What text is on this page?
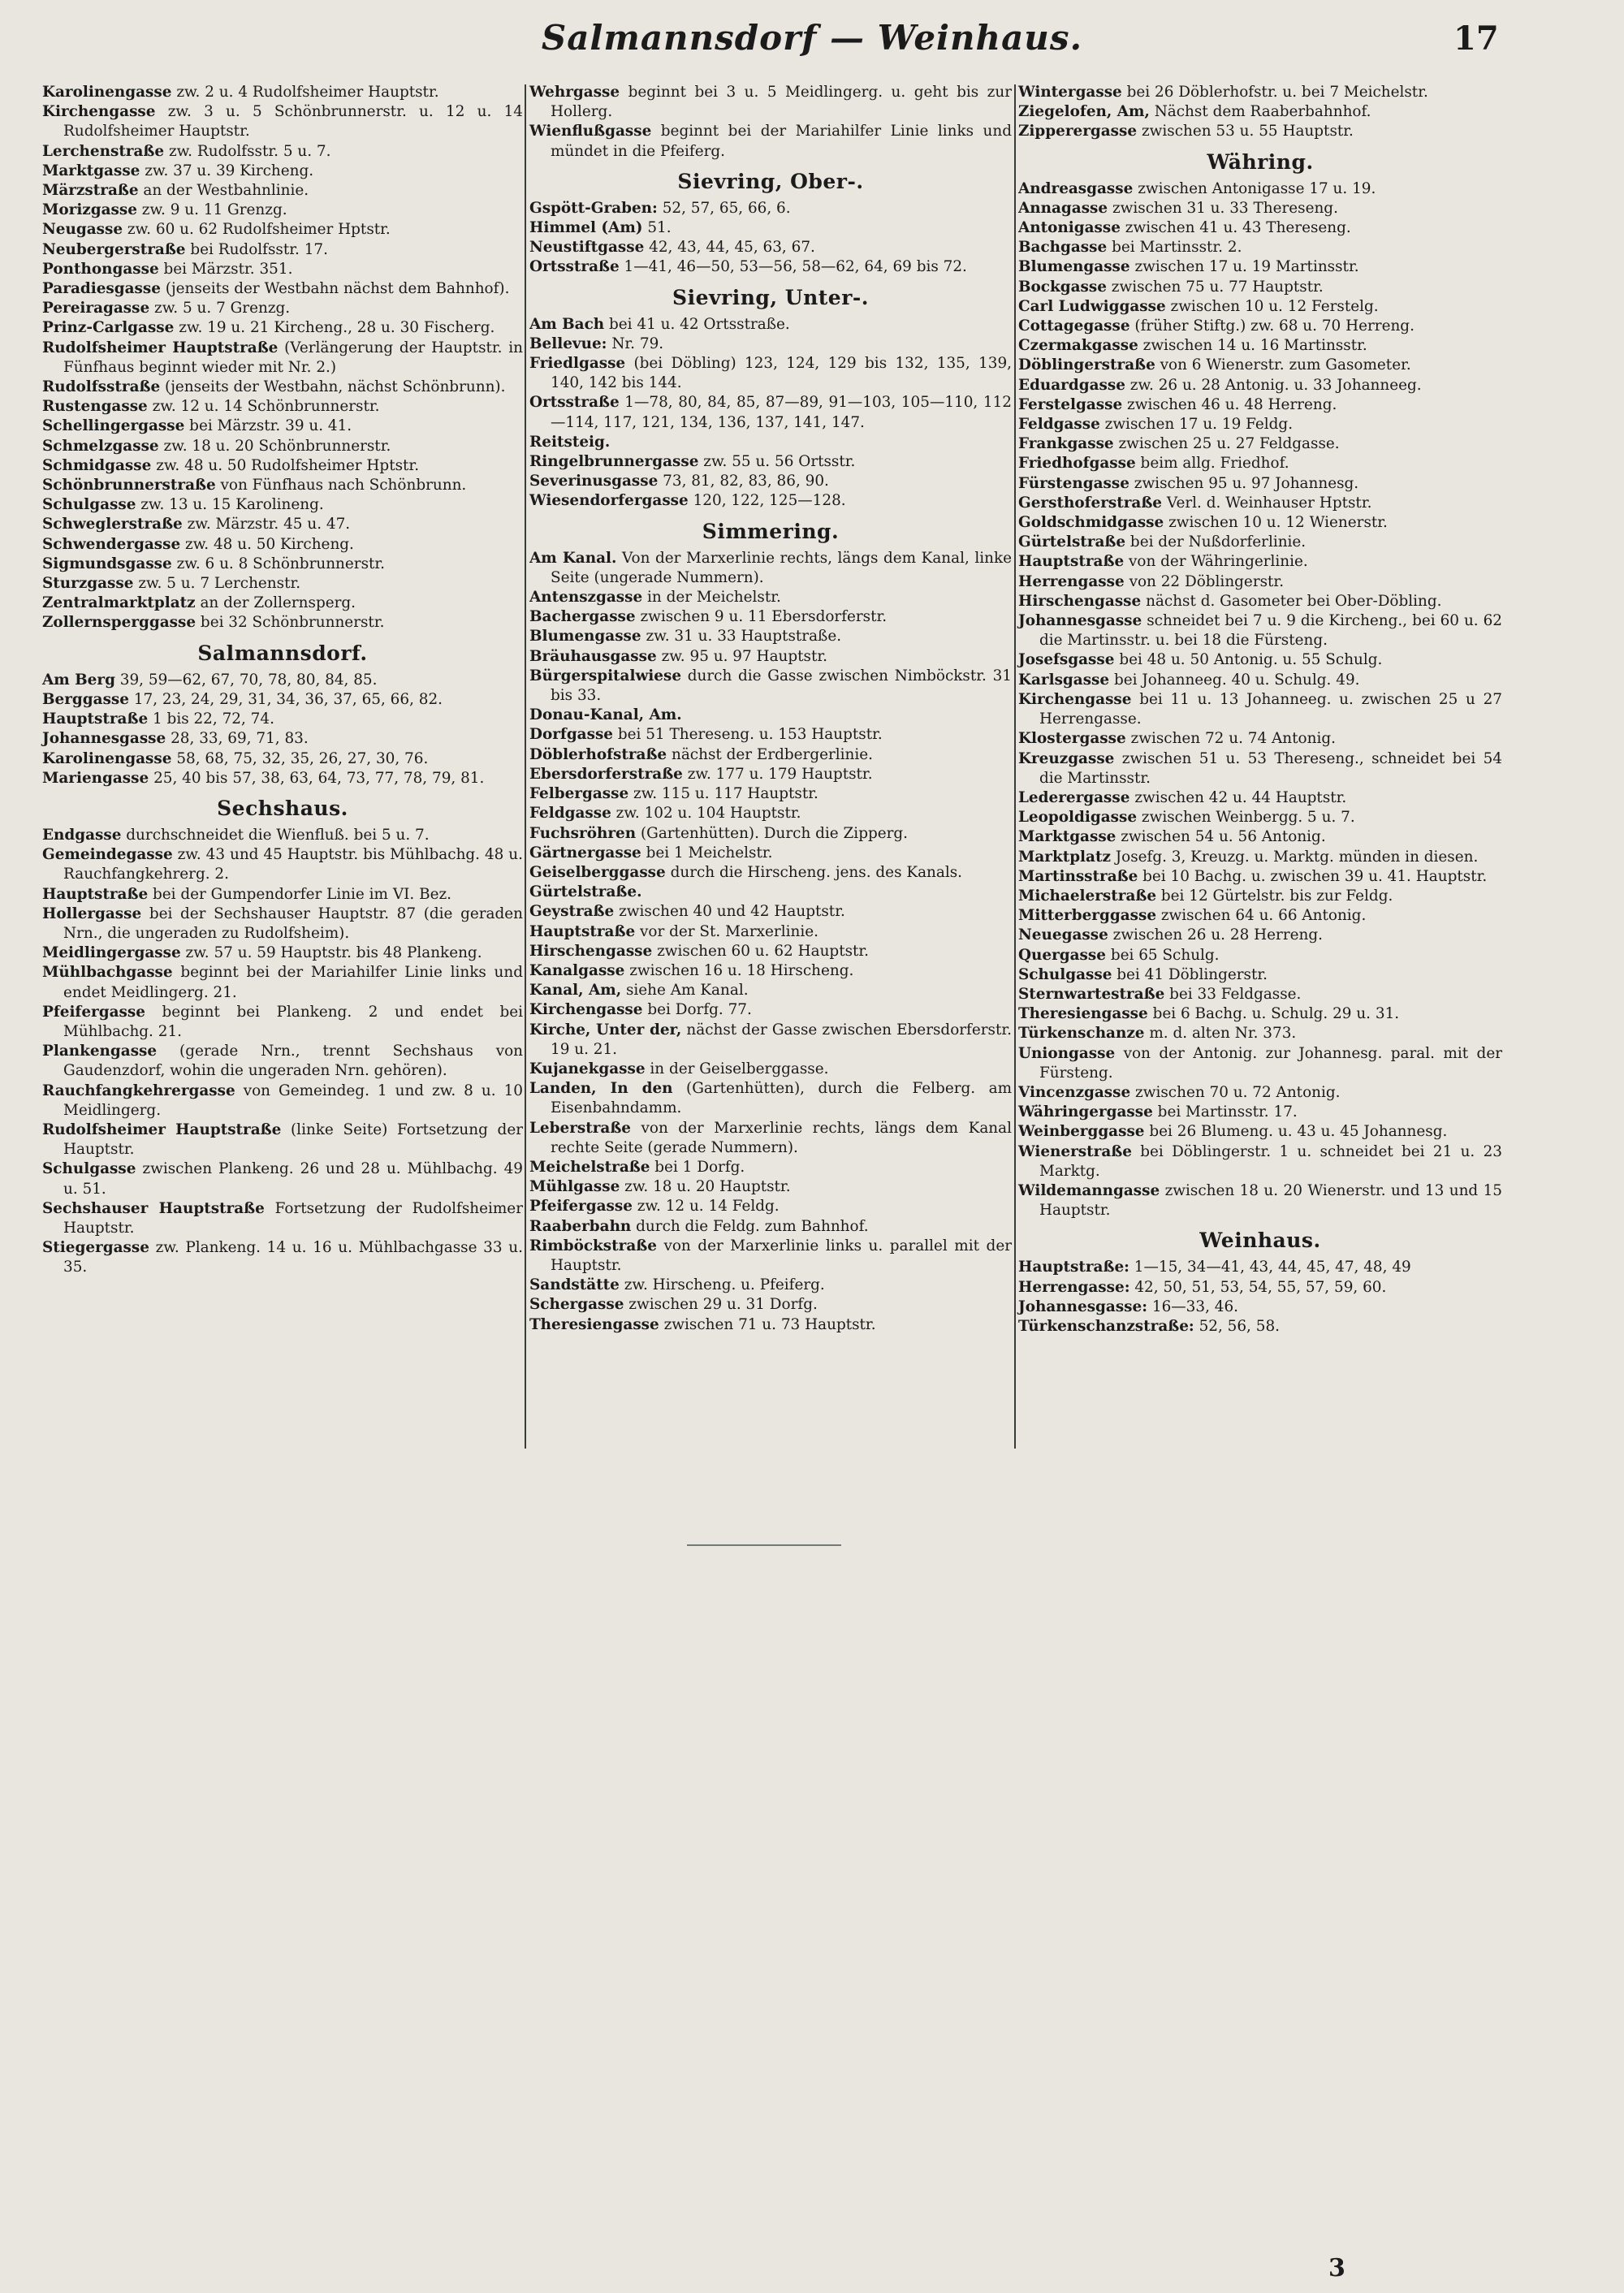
Salmannsdorf — Weinhaus.	17

Karolinengasse zw. 2 u. 4 Rudolfsheimer Hauptstr.

Kirchengasse zw. 3 u. 5 Schönbrunnerstr. u. 12 u. 14 Rudolfsheimer Hauptstr.

Lerchenstraße zw. Rudolfsstr. 5 u. 7.

Marktgasse zw. 37 u. 39 Kircheng.

Märzstraße an der Westbahnlinie.

Morizgasse zw. 9 u. 11 Grenzg.

Neugasse zw. 60 u. 62 Rudolfsheimer Hptstr.

Neubergerstraße bei Rudolfsstr. 17.

Ponthongasse bei Märzstr. 351.

Paradiesgasse (jenseits der Westbahn nächst dem Bahnhof).

Pereiragasse zw. 5 u. 7 Grenzg.

Prinz-Carlgasse zw. 19 u. 21 Kircheng., 28 u. 30 Fischerg.

Rudolfsheimer Hauptstraße (Verlängerung der Hauptstr. in Fünfhaus beginnt wieder mit Nr. 2.)

Rudolfsstraße (jenseits der Westbahn, nächst Schönbrunn).

Rustengasse zw. 12 u. 14 Schönbrunnerstr.

Schellingergasse bei Märzstr. 39 u. 41.

Schmelzgasse zw. 18 u. 20 Schönbrunnerstr.

Schmidgasse zw. 48 u. 50 Rudolfsheimer Hptstr.

Schönbrunnerstraße von Fünfhaus nach Schönbrunn.

Schulgasse zw. 13 u. 15 Karolineng.

Schweglerstraße zw. Märzstr. 45 u. 47.

Schwendergasse zw. 48 u. 50 Kircheng.

Sigmundsgasse zw. 6 u. 8 Schönbrunnerstr.

Sturzgasse zw. 5 u. 7 Lerchenstr.

Zentralmarktplatz an der Zollernsperg.

Zollernsperggasse bei 32 Schönbrunnerstr.

Salmannsdorf.

Am Berg 39, 59—62, 67, 70, 78, 80, 84, 85.

Berggasse 17, 23, 24, 29, 31, 34, 36, 37, 65, 66, 82.

Hauptstraße 1 bis 22, 72, 74.

Johannesgasse 28, 33, 69, 71, 83.

Karolinengasse 58, 68, 75, 32, 35, 26, 27, 30, 76.

Mariengasse 25, 40 bis 57, 38, 63, 64, 73, 77, 78, 79, 81.

Sechshaus.

Endgasse durchschneidet die Wienfluß. bei 5 u. 7.

Gemeindegasse zw. 43 und 45 Hauptstr. bis Mühlbachg. 48 u. Rauchfangkehrerg. 2.

Hauptstraße bei der Gumpendorfer Linie im VI. Bez.

Hollergasse bei der Sechshauser Hauptstr. 87 (die geraden Nrn., die ungeraden zu Rudolfsheim).

Meidlingergasse zw. 57 u. 59 Hauptstr. bis 48 Plankeng.

Mühlbachgasse beginnt bei der Mariahilfer Linie links und endet Meidlingerg. 21.

Pfeifergasse beginnt bei Plankeng. 2 und endet bei Mühlbachg. 21.

Plankengasse (gerade Nrn., trennt Sechshaus von Gaudenzdorf, wohin die ungeraden Nrn. gehören).

Rauchfangkehrergasse von Gemeindeg. 1 und zw. 8 u. 10 Meidlingerg.

Rudolfsheimer Hauptstraße (linke Seite) Fortsetzung der Hauptstr.

Schulgasse zwischen Plankeng. 26 und 28 u. Mühlbachg. 49 u. 51.

Sechshauser Hauptstraße Fortsetzung der Rudolfsheimer Hauptstr.

Stiegergasse zw. Plankeng. 14 u. 16 u. Mühlbachgasse 33 u. 35.

Wehrgasse beginnt bei 3 u. 5 Meidlingerg. u. geht bis zur Hollerg.

Wienflußgasse beginnt bei der Mariahilfer Linie links und mündet in die Pfeiferg.

Sievring, Ober-.

Gspött-Graben: 52, 57, 65, 66, 6.

Himmel (Am) 51.

Neustiftgasse 42, 43, 44, 45, 63, 67.

Ortsstraße 1—41, 46—50, 53—56, 58—62, 64, 69 bis 72.

Sievring, Unter-.

Am Bach bei 41 u. 42 Ortsstraße.

Bellevue: Nr. 79.

Friedlgasse (bei Döbling) 123, 124, 129 bis 132, 135, 139, 140, 142 bis 144.

Ortsstraße 1—78, 80, 84, 85, 87—89, 91—103, 105—110, 112—114, 117, 121, 134, 136, 137, 141, 147.

Reitsteig.

Ringelbrunnergasse zw. 55 u. 56 Ortsstr.

Severinusgasse 73, 81, 82, 83, 86, 90.

Wiesendorfergasse 120, 122, 125—128.

Simmering.

Am Kanal. Von der Marxerlinie rechts, längs dem Kanal, linke Seite (ungerade Nummern).

Antenszgasse in der Meichelstr.

Bachergasse zwischen 9 u. 11 Ebersdorferstr.

Blumengasse zw. 31 u. 33 Hauptstraße.

Bräuhausgasse zw. 95 u. 97 Hauptstr.

Bürgerspitalwiese durch die Gasse zwischen Nimböckstr. 31 bis 33.

Donau-Kanal, Am.

Dorfgasse bei 51 Thereseng. u. 153 Hauptstr.

Döblerhofstraße nächst der Erdbergerlinie.

Ebersdorferstraße zw. 177 u. 179 Hauptstr.

Felbergasse zw. 115 u. 117 Hauptstr.

Feldgasse zw. 102 u. 104 Hauptstr.

Fuchsröhren (Gartenhütten). Durch die Zipperg.

Gärtnergasse bei 1 Meichelstr.

Geiselberggasse durch die Hirscheng. jens. des Kanals.

Gürtelstraße.

Geystraße zwischen 40 und 42 Hauptstr.

Hauptstraße vor der St. Marxerlinie.

Hirschengasse zwischen 60 u. 62 Hauptstr.

Kanalgasse zwischen 16 u. 18 Hirscheng.

Kanal, Am, siehe Am Kanal.

Kirchengasse bei Dorfg. 77.

Kirche, Unter der, nächst der Gasse zwischen Ebersdorferstr. 19 u. 21.

Kujanekgasse in der Geiselberggasse.

Landen, In den (Gartenhütten), durch die Felberg. am Eisenbahndamm.

Leberstraße von der Marxerlinie rechts, längs dem Kanal rechte Seite (gerade Nummern).

Meichelstraße bei 1 Dorfg.

Mühlgasse zw. 18 u. 20 Hauptstr.

Pfeifergasse zw. 12 u. 14 Feldg.

Raaberbahn durch die Feldg. zum Bahnhof.

Rimböckstraße von der Marxerlinie links u. parallel mit der Hauptstr.

Sandstätte zw. Hirscheng. u. Pfeiferg.

Schergasse zwischen 29 u. 31 Dorfg.

Theresiengasse zwischen 71 u. 73 Hauptstr.

Wintergasse bei 26 Döblerhofstr. u. bei 7 Meichelstr.

Ziegelofen, Am, Nächst dem Raaberbahnhof.

Zipperergasse zwischen 53 u. 55 Hauptstr.

Währing.

Andreasgasse zwischen Antonigasse 17 u. 19.

Annagasse zwischen 31 u. 33 Thereseng.

Antonigasse zwischen 41 u. 43 Thereseng.

Bachgasse bei Martinsstr. 2.

Blumengasse zwischen 17 u. 19 Martinsstr.

Bockgasse zwischen 75 u. 77 Hauptstr.

Carl Ludwiggasse zwischen 10 u. 12 Ferstelg.

Cottagegasse (früher Stiftg.) zw. 68 u. 70 Herreng.

Czermakgasse zwischen 14 u. 16 Martinsstr.

Döblingerstraße von 6 Wienerstr. zum Gasometer.

Eduardgasse zw. 26 u. 28 Antonig. u. 33 Johanneeg.

Ferstelgasse zwischen 46 u. 48 Herreng.

Feldgasse zwischen 17 u. 19 Feldg.

Frankgasse zwischen 25 u. 27 Feldgasse.

Friedhofgasse beim allg. Friedhof.

Fürstengasse zwischen 95 u. 97 Johannesg.

Gersthoferstraße Verl. d. Weinhauser Hptstr.

Goldschmidgasse zwischen 10 u. 12 Wienerstr.

Gürtelstraße bei der Nußdorferlinie.

Hauptstraße von der Währingerlinie.

Herrengasse von 22 Döblingerstr.

Hirschengasse nächst d. Gasometer bei Ober-Döbling.

Johannesgasse schneidet bei 7 u. 9 die Kircheng., bei 60 u. 62 die Martinsstr. u. bei 18 die Fürsteng.

Josefsgasse bei 48 u. 50 Antonig. u. 55 Schulg.

Karlsgasse bei Johanneeg. 40 u. Schulg. 49.

Kirchengasse bei 11 u. 13 Johanneeg. u. zwischen 25 u 27 Herrengasse.

Klostergasse zwischen 72 u. 74 Antonig.

Kreuzgasse zwischen 51 u. 53 Thereseng., schneidet bei 54 die Martinsstr.

Lederergasse zwischen 42 u. 44 Hauptstr.

Leopoldigasse zwischen Weinbergg. 5 u. 7.

Marktgasse zwischen 54 u. 56 Antonig.

Marktplatz Josefg. 3, Kreuzg. u. Marktg. münden in diesen.

Martinsstraße bei 10 Bachg. u. zwischen 39 u. 41. Hauptstr.

Michaelerstraße bei 12 Gürtelstr. bis zur Feldg.

Mitterberggasse zwischen 64 u. 66 Antonig.

Neuegasse zwischen 26 u. 28 Herreng.

Quergasse bei 65 Schulg.

Schulgasse bei 41 Döblingerstr.

Sternwartestraße bei 33 Feldgasse.

Theresiengasse bei 6 Bachg. u. Schulg. 29 u. 31.

Türkenschanze m. d. alten Nr. 373.

Uniongasse von der Antonig. zur Johannesg. paral. mit der Fürsteng.

Vincenzgasse zwischen 70 u. 72 Antonig.

Währingergasse bei Martinsstr. 17.

Weinberggasse bei 26 Blumeng. u. 43 u. 45 Johannesg.

Wienerstraße bei Döblingerstr. 1 u. schneidet bei 21 u. 23 Marktg.

Wildemanngasse zwischen 18 u. 20 Wienerstr. und 13 und 15 Hauptstr.

Weinhaus.

Hauptstraße: 1—15, 34—41, 43, 44, 45, 47, 48, 49

Herrengasse: 42, 50, 51, 53, 54, 55, 57, 59, 60.

Johannesgasse: 16—33, 46.

Türkenschanzstraße: 52, 56, 58.

3
